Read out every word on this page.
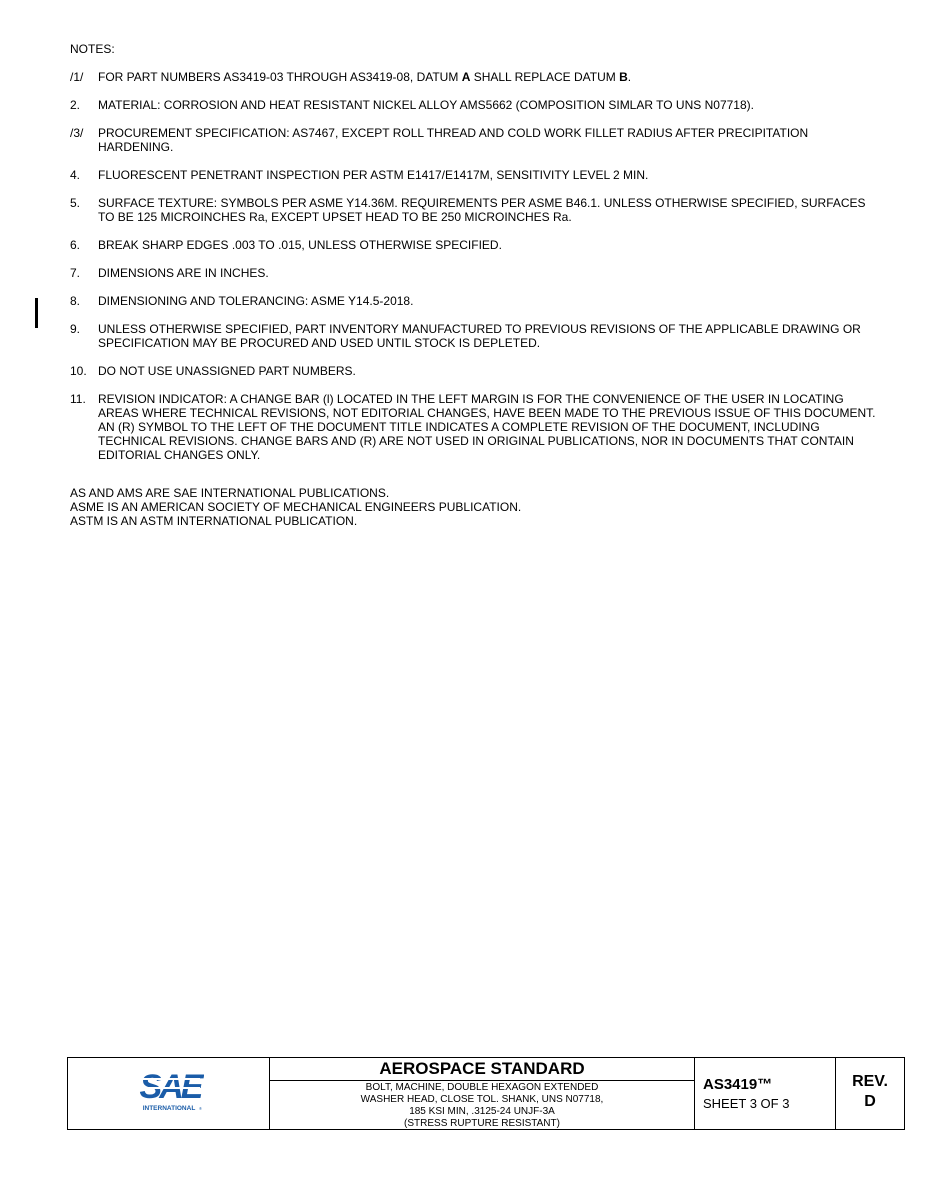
NOTES:
/1/	FOR PART NUMBERS AS3419-03 THROUGH AS3419-08, DATUM A SHALL REPLACE DATUM B.
2.	MATERIAL: CORROSION AND HEAT RESISTANT NICKEL ALLOY AMS5662 (COMPOSITION SIMLAR TO UNS N07718).
/3/	PROCUREMENT SPECIFICATION: AS7467, EXCEPT ROLL THREAD AND COLD WORK FILLET RADIUS AFTER PRECIPITATION HARDENING.
4.	FLUORESCENT PENETRANT INSPECTION PER ASTM E1417/E1417M, SENSITIVITY LEVEL 2 MIN.
5.	SURFACE TEXTURE: SYMBOLS PER ASME Y14.36M. REQUIREMENTS PER ASME B46.1. UNLESS OTHERWISE SPECIFIED, SURFACES TO BE 125 MICROINCHES Ra, EXCEPT UPSET HEAD TO BE 250 MICROINCHES Ra.
6.	BREAK SHARP EDGES .003 TO .015, UNLESS OTHERWISE SPECIFIED.
7.	DIMENSIONS ARE IN INCHES.
8.	DIMENSIONING AND TOLERANCING: ASME Y14.5-2018.
9.	UNLESS OTHERWISE SPECIFIED, PART INVENTORY MANUFACTURED TO PREVIOUS REVISIONS OF THE APPLICABLE DRAWING OR SPECIFICATION MAY BE PROCURED AND USED UNTIL STOCK IS DEPLETED.
10. DO NOT USE UNASSIGNED PART NUMBERS.
11.	REVISION INDICATOR: A CHANGE BAR (l) LOCATED IN THE LEFT MARGIN IS FOR THE CONVENIENCE OF THE USER IN LOCATING AREAS WHERE TECHNICAL REVISIONS, NOT EDITORIAL CHANGES, HAVE BEEN MADE TO THE PREVIOUS ISSUE OF THIS DOCUMENT. AN (R) SYMBOL TO THE LEFT OF THE DOCUMENT TITLE INDICATES A COMPLETE REVISION OF THE DOCUMENT, INCLUDING TECHNICAL REVISIONS. CHANGE BARS AND (R) ARE NOT USED IN ORIGINAL PUBLICATIONS, NOR IN DOCUMENTS THAT CONTAIN EDITORIAL CHANGES ONLY.
AS AND AMS ARE SAE INTERNATIONAL PUBLICATIONS.
ASME IS AN AMERICAN SOCIETY OF MECHANICAL ENGINEERS PUBLICATION.
ASTM IS AN ASTM INTERNATIONAL PUBLICATION.
SAE
INTERNATIONAL ®
AEROSPACE STANDARD
BOLT, MACHINE, DOUBLE HEXAGON EXTENDED
WASHER HEAD, CLOSE TOL. SHANK, UNS N07718,
185 KSI MIN, .3125-24 UNJF-3A
(STRESS RUPTURE RESISTANT)
AS3419™
SHEET 3 OF 3
REV.
D
